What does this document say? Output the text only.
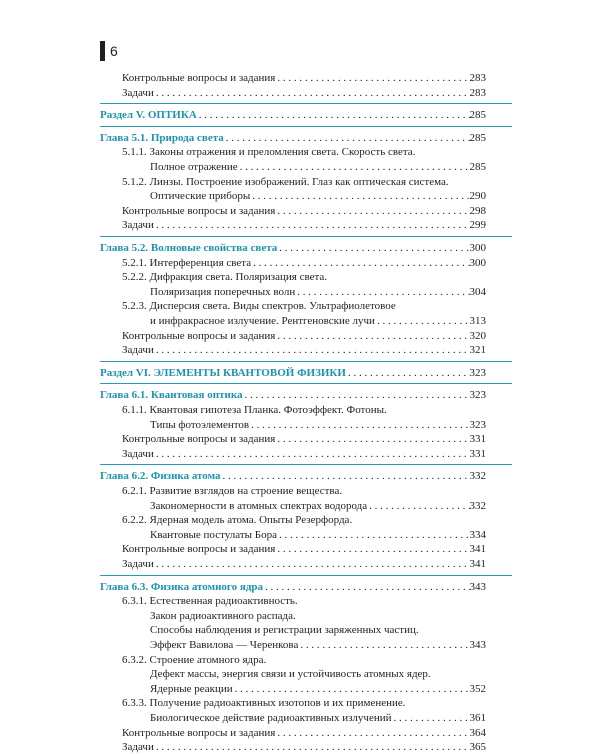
6
Контрольные вопросы и задания . . .	283
Задачи . . .	283
Раздел V. ОПТИКА . . .	285
Глава 5.1. Природа света . . .	285
5.1.1. Законы отражения и преломления света. Скорость света.
Полное отражение . . .	285
5.1.2. Линзы. Построение изображений. Глаз как оптическая система.
Оптические приборы . . .	290
Контрольные вопросы и задания . . .	298
Задачи . . .	299
Глава 5.2. Волновые свойства света . . .	300
5.2.1. Интерференция света . . .	300
5.2.2. Дифракция света. Поляризация света.
Поляризация поперечных волн . . .	304
5.2.3. Дисперсия света. Виды спектров. Ультрафиолетовое
и инфракрасное излучение. Рентгеновские лучи . . .	313
Контрольные вопросы и задания . . .	320
Задачи . . .	321
Раздел VI. ЭЛЕМЕНТЫ КВАНТОВОЙ ФИЗИКИ . . .	323
Глава 6.1. Квантовая оптика . . .	323
6.1.1. Квантовая гипотеза Планка. Фотоэффект. Фотоны.
Типы фотоэлементов . . .	323
Контрольные вопросы и задания . . .	331
Задачи . . .	331
Глава 6.2. Физика атома . . .	332
6.2.1. Развитие взглядов на строение вещества.
Закономерности в атомных спектрах водорода . . .	332
6.2.2. Ядерная модель атома. Опыты Резерфорда.
Квантовые постулаты Бора . . .	334
Контрольные вопросы и задания . . .	341
Задачи . . .	341
Глава 6.3. Физика атомного ядра . . .	343
6.3.1. Естественная радиоактивность.
Закон радиоактивного распада.
Способы наблюдения и регистрации заряженных частиц.
Эффект Вавилова — Черенкова . . .	343
6.3.2. Строение атомного ядра.
Дефект массы, энергия связи и устойчивость атомных ядер.
Ядерные реакции . . .	352
6.3.3. Получение радиоактивных изотопов и их применение.
Биологическое действие радиоактивных излучений . . .	361
Контрольные вопросы и задания . . .	364
Задачи . . .	365
